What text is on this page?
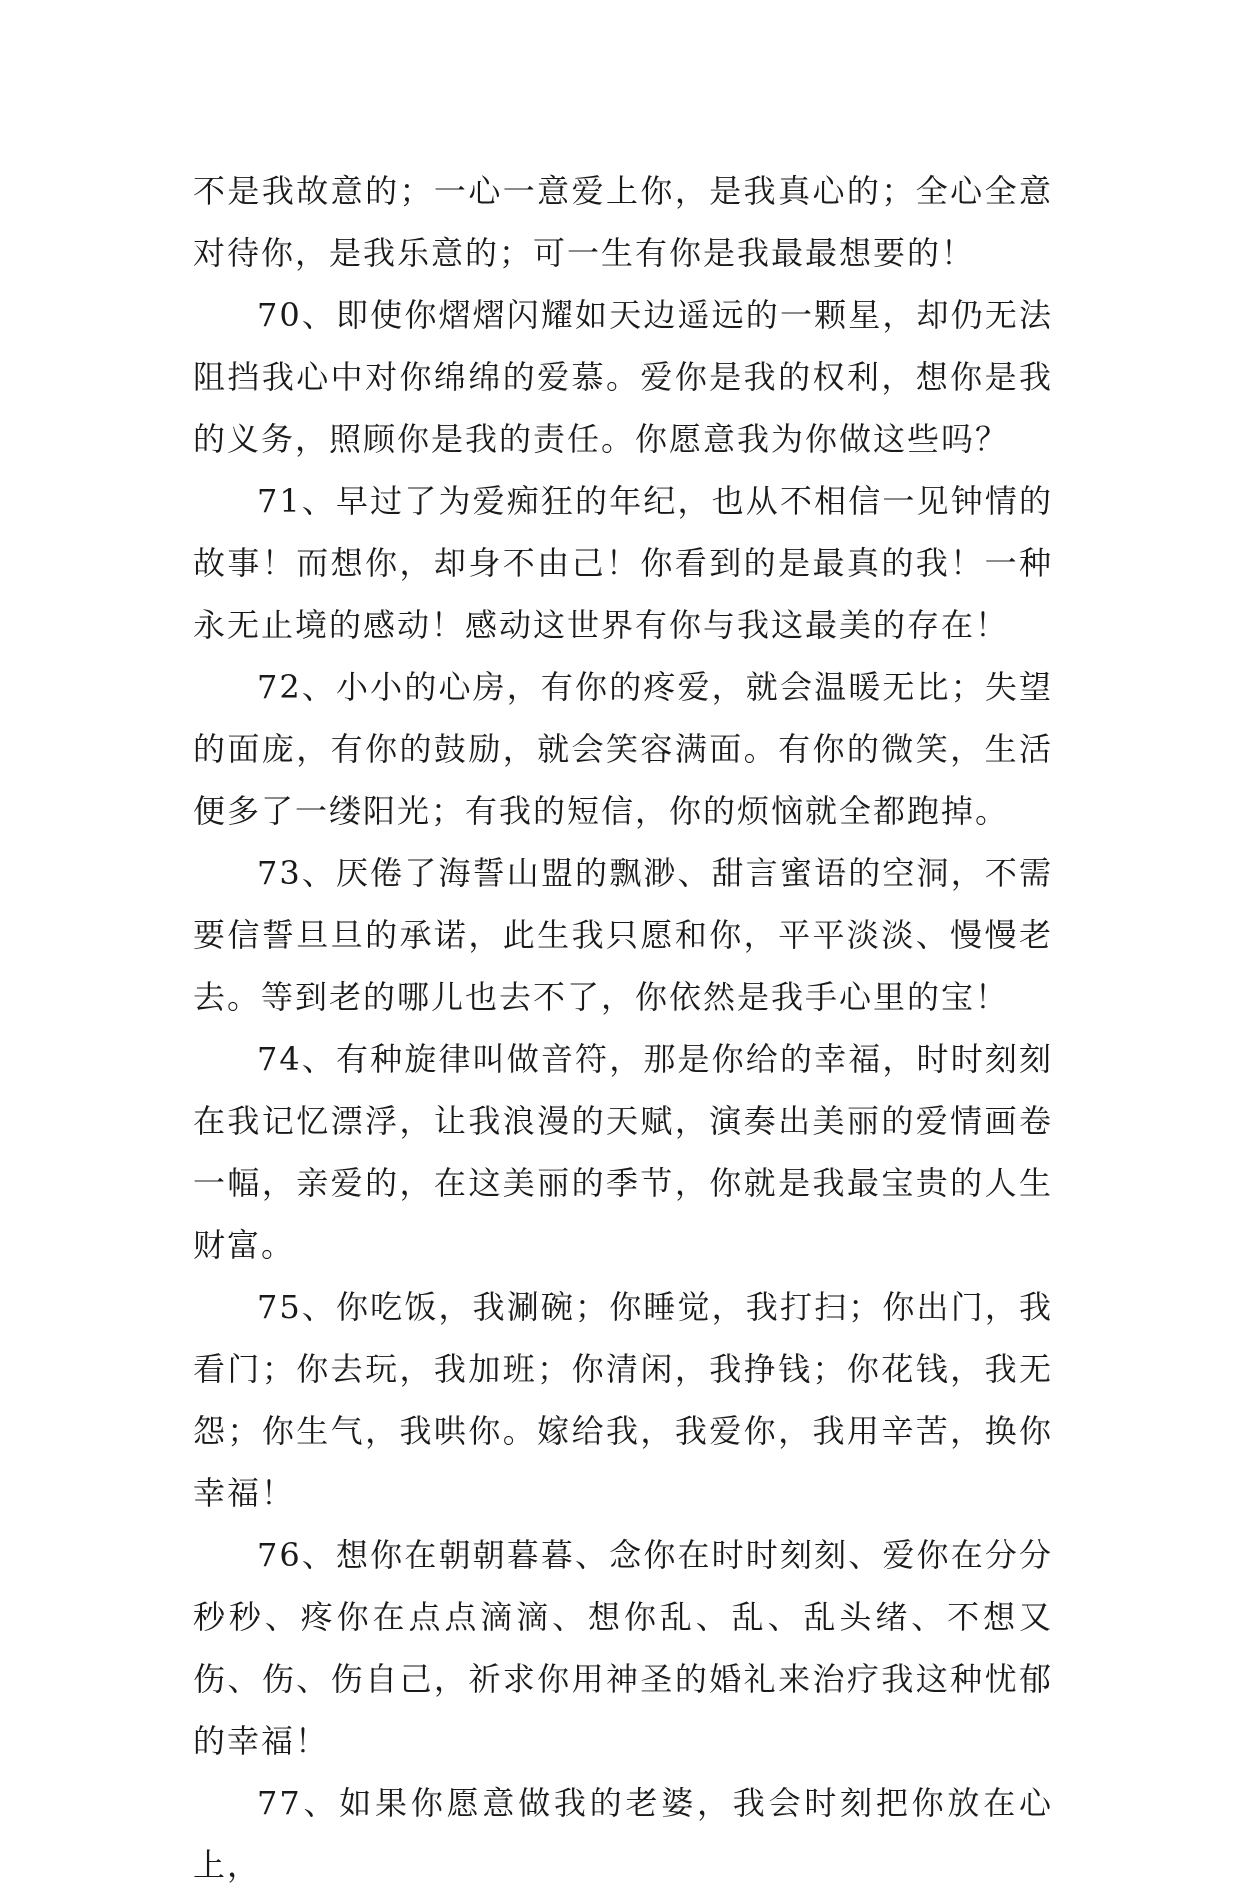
不是我故意的；一心一意爱上你，是我真心的；全心全意对待你，是我乐意的；可一生有你是我最最想要的！

70、即使你熠熠闪耀如天边遥远的一颗星，却仍无法阻挡我心中对你绵绵的爱慕。爱你是我的权利，想你是我的义务，照顾你是我的责任。你愿意我为你做这些吗？

71、早过了为爱痴狂的年纪，也从不相信一见钟情的故事！而想你，却身不由己！你看到的是最真的我！一种永无止境的感动！感动这世界有你与我这最美的存在！

72、小小的心房，有你的疼爱，就会温暖无比；失望的面庞，有你的鼓励，就会笑容满面。有你的微笑，生活便多了一缕阳光；有我的短信，你的烦恼就全都跑掉。

73、厌倦了海誓山盟的飘渺、甜言蜜语的空洞，不需要信誓旦旦的承诺，此生我只愿和你，平平淡淡、慢慢老去。等到老的哪儿也去不了，你依然是我手心里的宝！

74、有种旋律叫做音符，那是你给的幸福，时时刻刻在我记忆漂浮，让我浪漫的天赋，演奏出美丽的爱情画卷一幅，亲爱的，在这美丽的季节，你就是我最宝贵的人生财富。

75、你吃饭，我涮碗；你睡觉，我打扫；你出门，我看门；你去玩，我加班；你清闲，我挣钱；你花钱，我无怨；你生气，我哄你。嫁给我，我爱你，我用辛苦，换你幸福！

76、想你在朝朝暮暮、念你在时时刻刻、爱你在分分秒秒、疼你在点点滴滴、想你乱、乱、乱头绪、不想又伤、伤、伤自己，祈求你用神圣的婚礼来治疗我这种忧郁的幸福！

77、如果你愿意做我的老婆，我会时刻把你放在心上，
